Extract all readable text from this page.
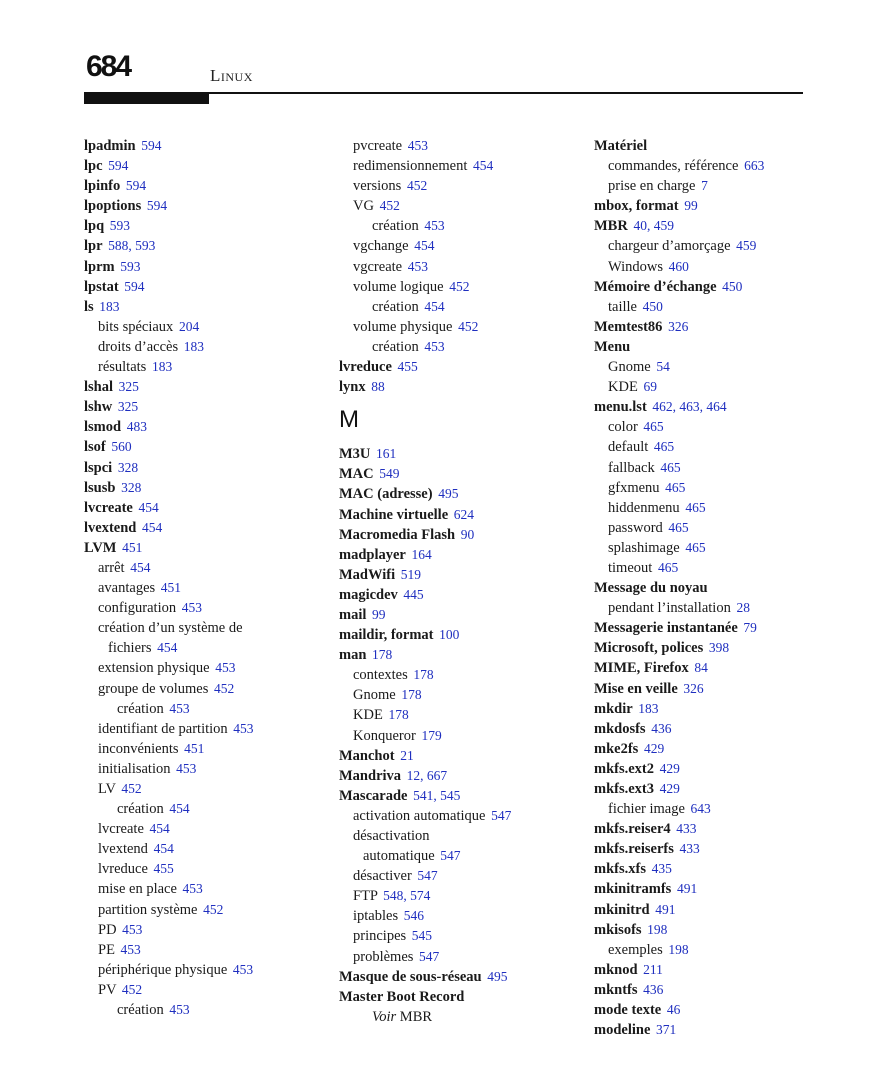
684	Linux
lpadmin 594
lpc 594
lpinfo 594
lpoptions 594
lpq 593
lpr 588, 593
lprm 593
lpstat 594
ls 183
bits spéciaux 204
droits d’accès 183
résultats 183
lshal 325
lshw 325
lsmod 483
lsof 560
lspci 328
lsusb 328
lvcreate 454
lvextend 454
LVM 451
arrêt 454
avantages 451
configuration 453
création d’un système de
fichiers 454
extension physique 453
groupe de volumes 452
création 453
identifiant de partition 453
inconvénients 451
initialisation 453
LV 452
création 454
lvcreate 454
lvextend 454
lvreduce 455
mise en place 453
partition système 452
PD 453
PE 453
périphérique physique 453
PV 452
création 453
pvcreate 453
redimensionnement 454
versions 452
VG 452
création 453
vgchange 454
vgcreate 453
volume logique 452
création 454
volume physique 452
création 453
lvreduce 455
lynx 88
M
M3U 161
MAC 549
MAC (adresse) 495
Machine virtuelle 624
Macromedia Flash 90
madplayer 164
MadWifi 519
magicdev 445
mail 99
maildir, format 100
man 178
contextes 178
Gnome 178
KDE 178
Konqueror 179
Manchot 21
Mandriva 12, 667
Mascarade 541, 545
activation automatique 547
désactivation
automatique 547
désactiver 547
FTP 548, 574
iptables 546
principes 545
problèmes 547
Masque de sous-réseau 495
Master Boot Record
Voir MBR
Matériel
commandes, référence 663
prise en charge 7
mbox, format 99
MBR 40, 459
chargeur d’amorçage 459
Windows 460
Mémoire d’échange 450
taille 450
Memtest86 326
Menu
Gnome 54
KDE 69
menu.lst 462, 463, 464
color 465
default 465
fallback 465
gfxmenu 465
hiddenmenu 465
password 465
splashimage 465
timeout 465
Message du noyau
pendant l’installation 28
Messagerie instantanée 79
Microsoft, polices 398
MIME, Firefox 84
Mise en veille 326
mkdir 183
mkdosfs 436
mke2fs 429
mkfs.ext2 429
mkfs.ext3 429
fichier image 643
mkfs.reiser4 433
mkfs.reiserfs 433
mkfs.xfs 435
mkinitramfs 491
mkinitrd 491
mkisofs 198
exemples 198
mknod 211
mkntfs 436
mode texte 46
modeline 371
